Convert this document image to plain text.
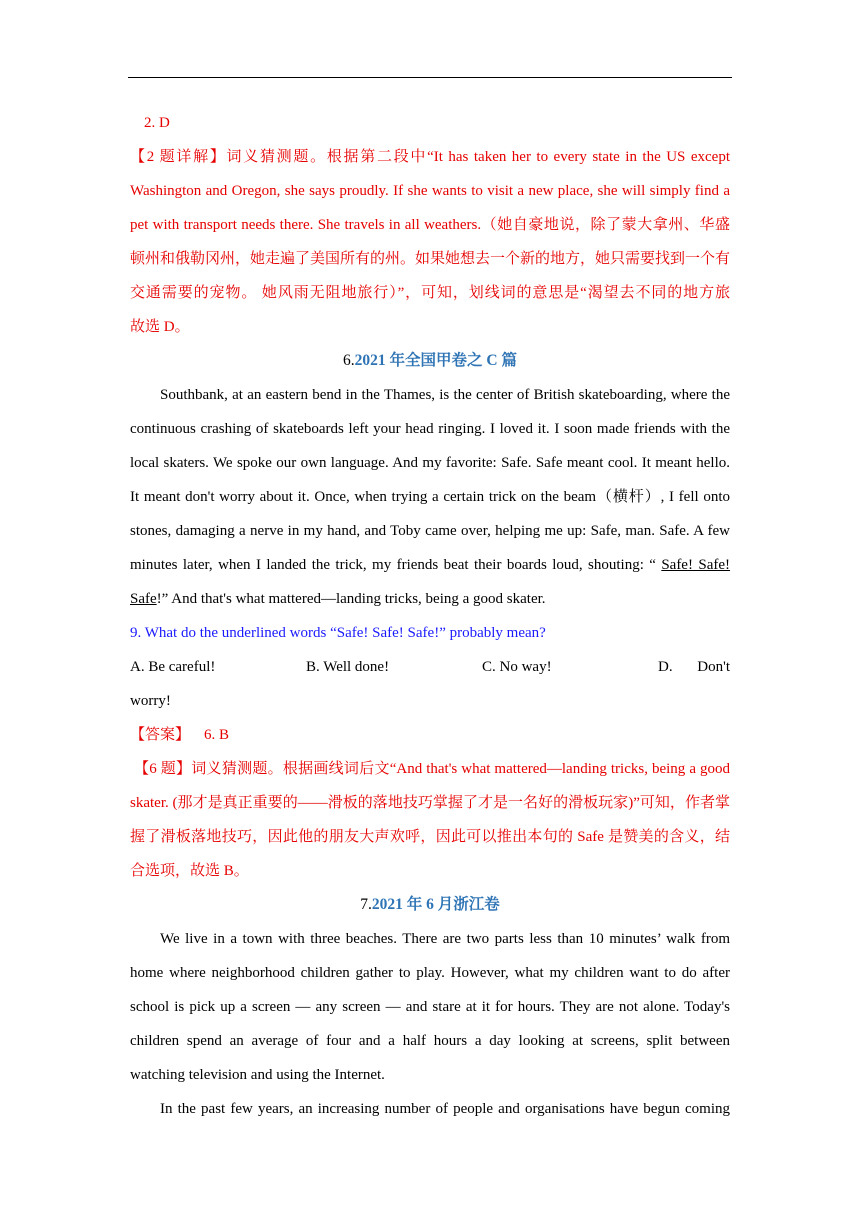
2. D
【2 题详解】词义猜测题。根据第二段中“It has taken her to every state in the US except
Washington and Oregon, she says proudly. If she wants to visit a new place, she will simply find a
pet with transport needs there. She travels in all weathers.（她自豪地说，除了蒙大拿州、华盛
顿州和俄勒冈州，她走遍了美国所有的州。如果她想去一个新的地方，她只需要找到一个有
交通需要的宠物。 她风雨无阻地旅行）”，可知，划线词的意思是“渴望去不同的地方旅
故选 D。
6.2021 年全国甲卷之 C 篇
Southbank, at an eastern bend in the Thames, is the center of British skateboarding, where the
continuous crashing of skateboards left your head ringing. I loved it. I soon made friends with the
local skaters. We spoke our own language. And my favorite: Safe. Safe meant cool. It meant hello.
It meant don't worry about it. Once, when trying a certain trick on the beam（横杆）, I fell onto
stones, damaging a nerve in my hand, and Toby came over, helping me up: Safe, man. Safe. A few
minutes later, when I landed the trick, my friends beat their boards loud, shouting: “ Safe! Safe!
Safe!” And that's what mattered—landing tricks, being a good skater.
9. What do the underlined words “Safe! Safe! Safe!” probably mean?
A. Be careful!	B. Well done!	C. No way!	D.	Don't
worry!
【答案】 6. B
【6 题】词义猜测题。根据画线词后文“And that's what mattered—landing tricks, being a good
skater. (那才是真正重要的——滑板的落地技巧掌握了才是一名好的滑板玩家)”可知，作者掌
握了滑板落地技巧，因此他的朋友大声欢呼，因此可以推出本句的 Safe 是赞美的含义，结
合选项，故选 B。
7.2021 年 6 月浙江卷
We live in a town with three beaches. There are two parts less than 10 minutes’ walk from
home where neighborhood children gather to play. However, what my children want to do after
school is pick up a screen — any screen — and stare at it for hours. They are not alone. Today's
children spend an average of four and a half hours a day looking at screens, split between
watching television and using the Internet.
In the past few years, an increasing number of people and organisations have begun coming
